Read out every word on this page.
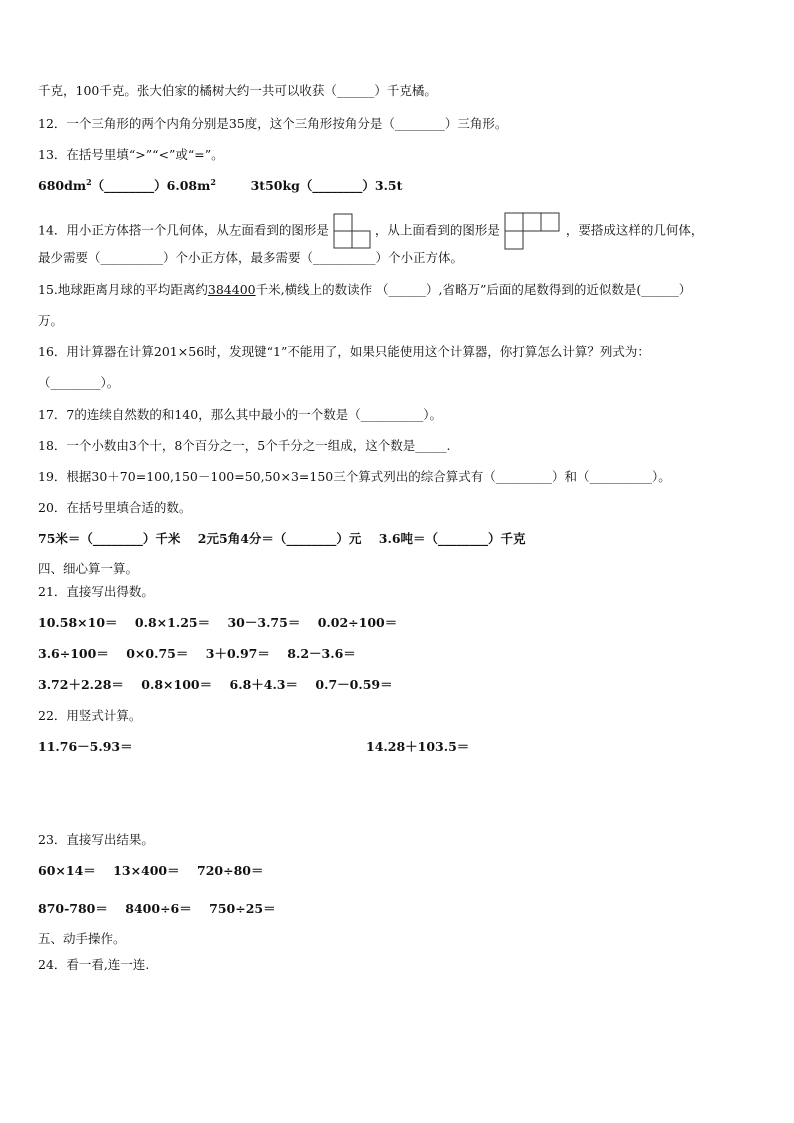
千克，100千克。张大伯家的橘树大约一共可以收获（______）千克橘。
12．一个三角形的两个内角分别是35度，这个三角形按角分是（________）三角形。
13．在括号里填“>”“<”或“=”。
$680dm^2(\_\_\_\_\_\_\_\_)6.08m^2$	3t50kg（________）3.5t
14．用小正方体搭一个几何体，从左面看到的图形是	，从上面看到的图形是	，要搭成这样的几何体，
最少需要（__________）个小正方体，最多需要（__________）个小正方体。
15.地球距离月球的平均距离约384400千米,横线上的数读作 （______）,省略万”后面的尾数得到的近似数是(______）
万。
16．用计算器在计算201×56时，发现键“1”不能用了，如果只能使用这个计算器，你打算怎么计算？列式为：
（________）。
17．7的连续自然数的和140，那么其中最小的一个数是（__________）。
18．一个小数由3个十，8个百分之一，5个千分之一组成，这个数是_____.
19．根据30＋70=100,150－100=50,50×3=150三个算式列出的综合算式有（_________）和（__________）。
20．在括号里填合适的数。
75米＝（________）千米    2元5角4分＝（________）元    3.6吨＝（________）千克
四、细心算一算。
21．直接写出得数。
10.58×10＝    0.8×1.25＝    30－3.75＝    0.02÷100＝
3.6÷100＝    0×0.75＝    3＋0.97＝    8.2－3.6＝
3.72＋2.28＝    0.8×100＝    6.8＋4.3＝    0.7－0.59＝
22．用竖式计算。
11.76－5.93＝	14.28＋103.5＝
23．直接写出结果。
60×14＝    13×400＝    720÷80＝
870-780＝    8400÷6＝    750÷25＝
五、动手操作。
24．看一看,连一连.
